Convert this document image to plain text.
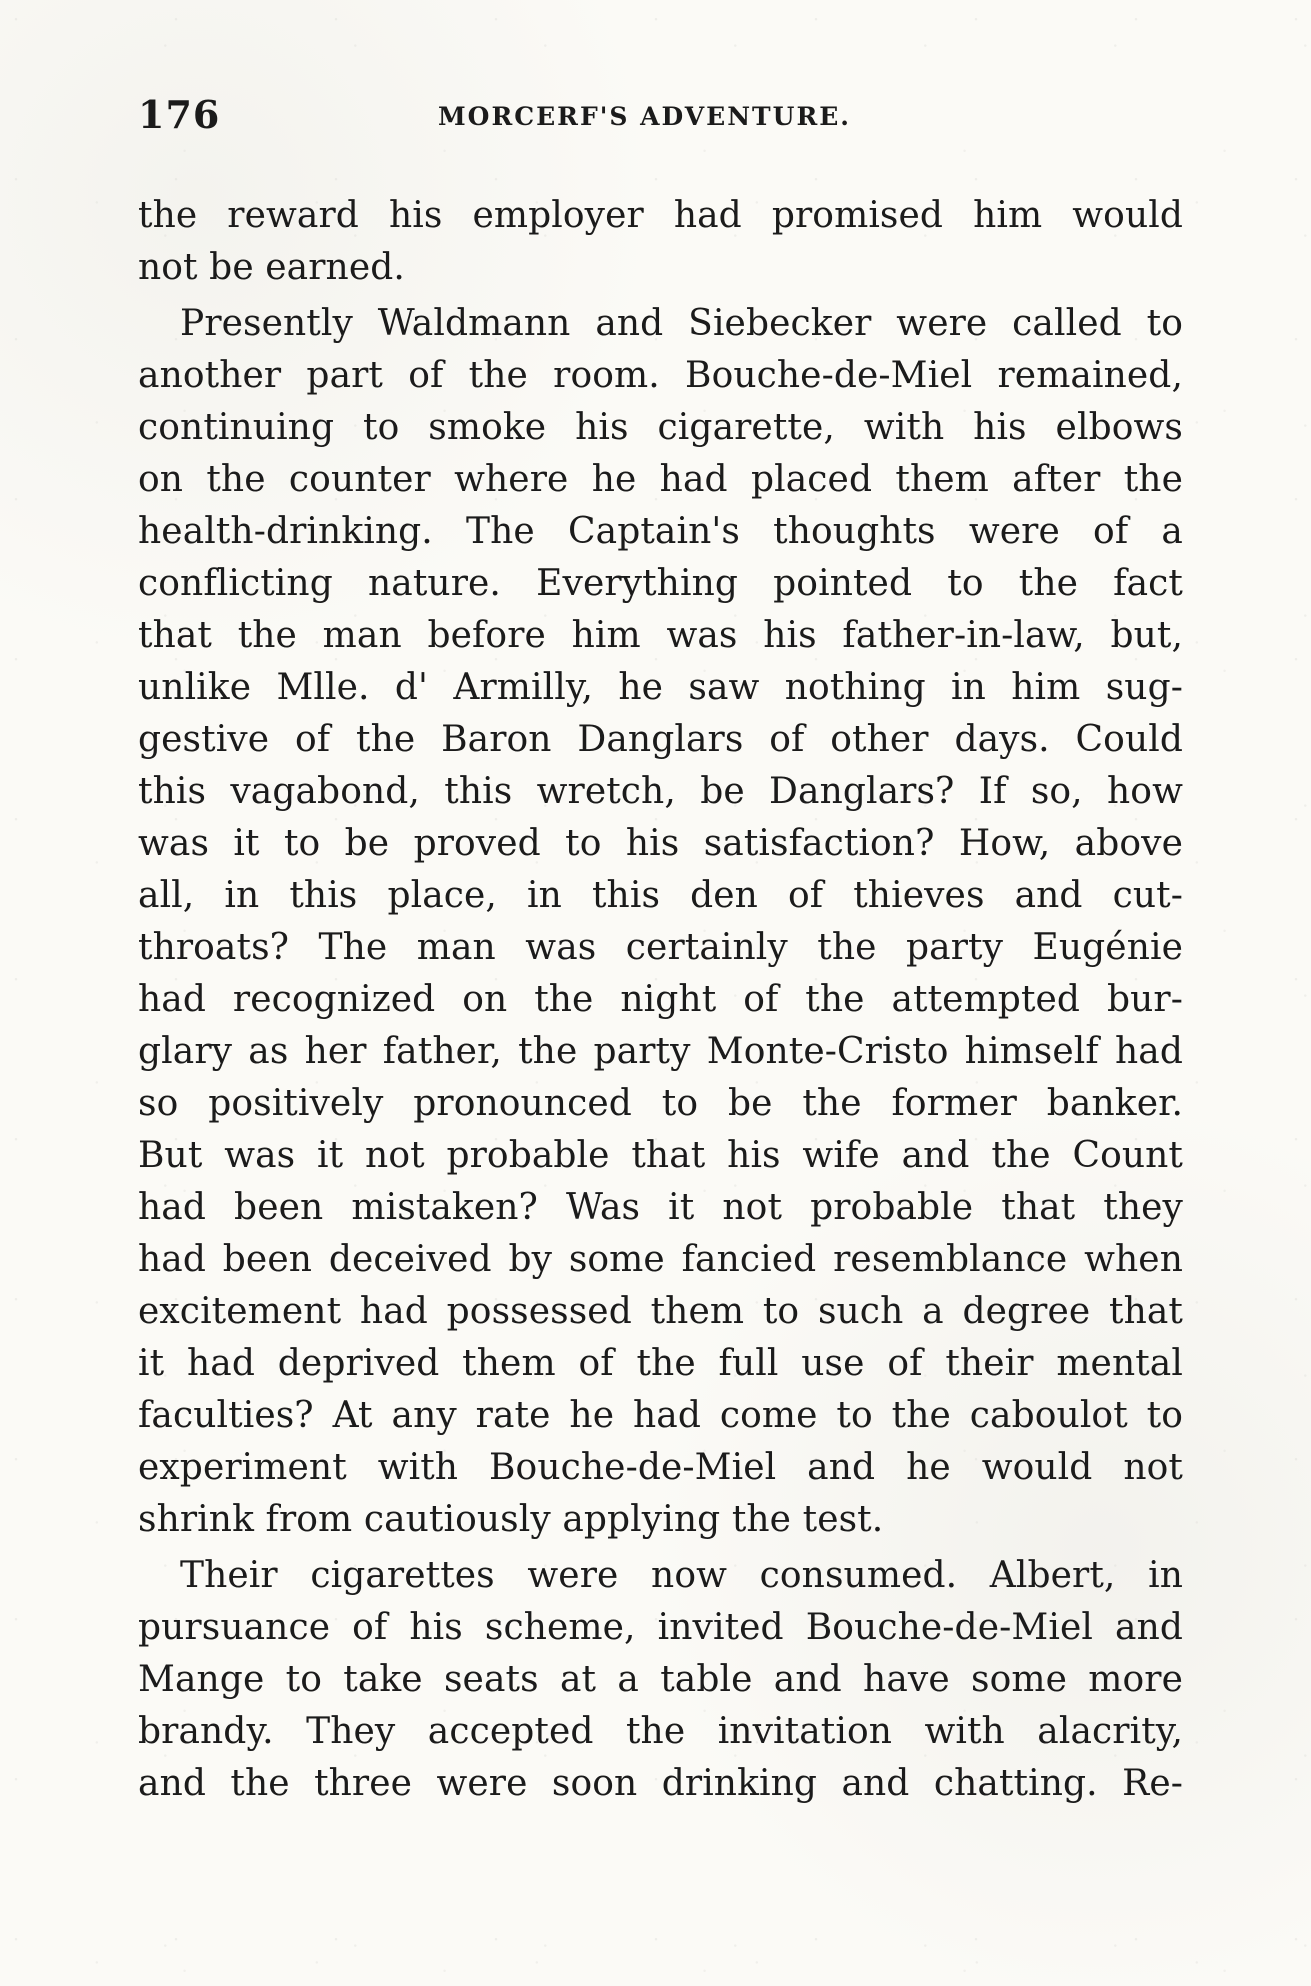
176	MORCERF'S ADVENTURE.
the reward his employer had promised him would
not be earned.
Presently Waldmann and Siebecker were called to
another part of the room. Bouche-de-Miel remained,
continuing to smoke his cigarette, with his elbows
on the counter where he had placed them after the
health-drinking. The Captain's thoughts were of a
conflicting nature. Everything pointed to the fact
that the man before him was his father-in-law, but,
unlike Mlle. d' Armilly, he saw nothing in him sug-
gestive of the Baron Danglars of other days. Could
this vagabond, this wretch, be Danglars? If so, how
was it to be proved to his satisfaction? How, above
all, in this place, in this den of thieves and cut-
throats? The man was certainly the party Eugénie
had recognized on the night of the attempted bur-
glary as her father, the party Monte-Cristo himself had
so positively pronounced to be the former banker.
But was it not probable that his wife and the Count
had been mistaken? Was it not probable that they
had been deceived by some fancied resemblance when
excitement had possessed them to such a degree that
it had deprived them of the full use of their mental
faculties? At any rate he had come to the caboulot to
experiment with Bouche-de-Miel and he would not
shrink from cautiously applying the test.
Their cigarettes were now consumed. Albert, in
pursuance of his scheme, invited Bouche-de-Miel and
Mange to take seats at a table and have some more
brandy. They accepted the invitation with alacrity,
and the three were soon drinking and chatting. Re-
